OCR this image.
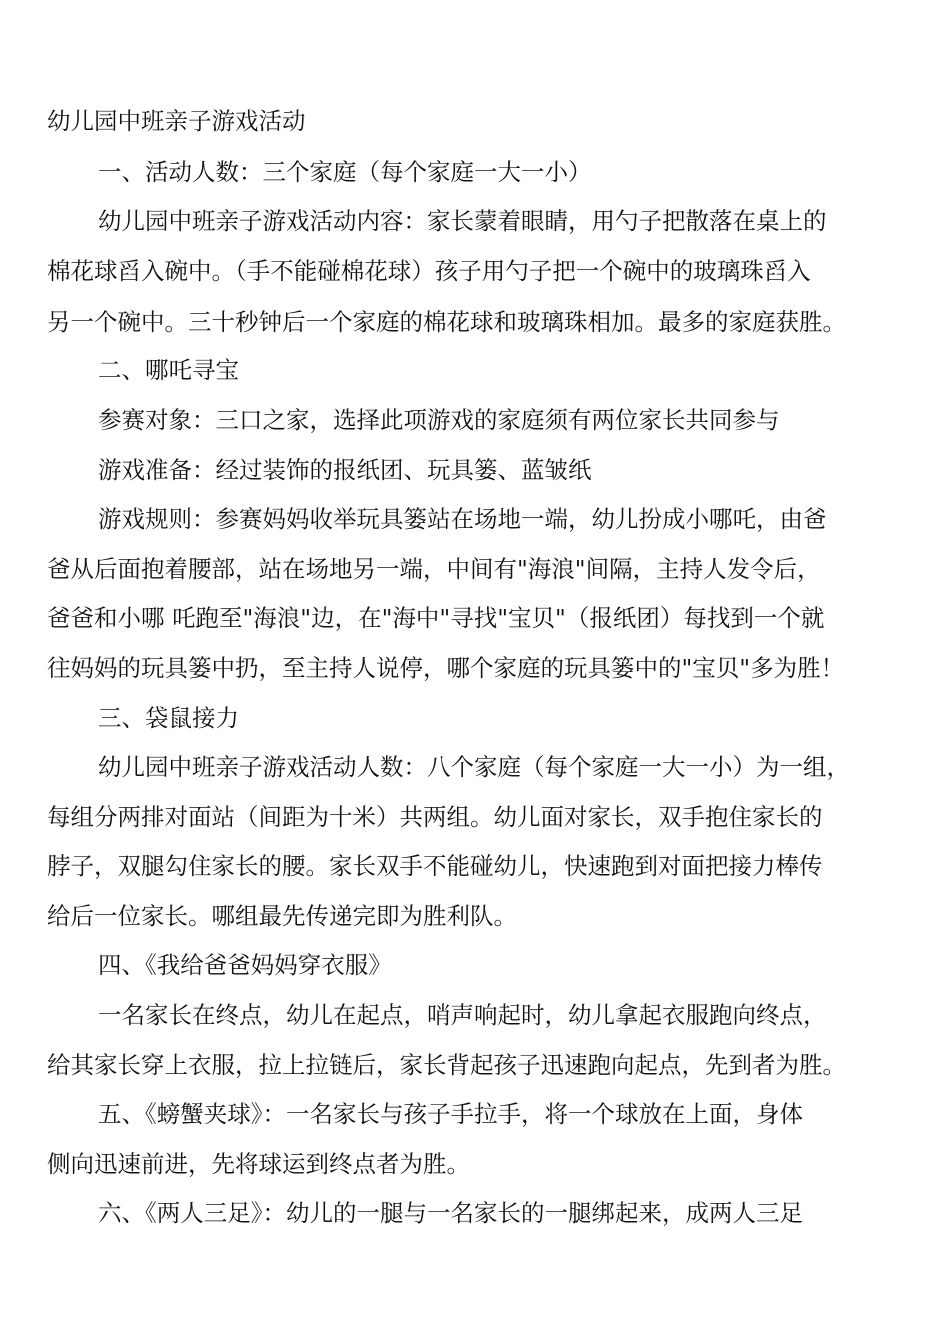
幼儿园中班亲子游戏活动
一、活动人数：三个家庭（每个家庭一大一小）
幼儿园中班亲子游戏活动内容：家长蒙着眼睛，用勺子把散落在桌上的
棉花球舀入碗中。（手不能碰棉花球）孩子用勺子把一个碗中的玻璃珠舀入
另一个碗中。三十秒钟后一个家庭的棉花球和玻璃珠相加。最多的家庭获胜。
二、哪吒寻宝
参赛对象：三口之家，选择此项游戏的家庭须有两位家长共同参与
游戏准备：经过装饰的报纸团、玩具篓、蓝皱纸
游戏规则：参赛妈妈收举玩具篓站在场地一端，幼儿扮成小哪吒，由爸
爸从后面抱着腰部，站在场地另一端，中间有"海浪"间隔，主持人发令后，
爸爸和小哪 吒跑至"海浪"边，在"海中"寻找"宝贝"（报纸团）每找到一个就
往妈妈的玩具篓中扔，至主持人说停，哪个家庭的玩具篓中的"宝贝"多为胜！
三、袋鼠接力
幼儿园中班亲子游戏活动人数：八个家庭（每个家庭一大一小）为一组，
每组分两排对面站（间距为十米）共两组。幼儿面对家长，双手抱住家长的
脖子，双腿勾住家长的腰。家长双手不能碰幼儿，快速跑到对面把接力棒传
给后一位家长。哪组最先传递完即为胜利队。
四、《我给爸爸妈妈穿衣服》
一名家长在终点，幼儿在起点，哨声响起时，幼儿拿起衣服跑向终点，
给其家长穿上衣服，拉上拉链后，家长背起孩子迅速跑向起点，先到者为胜。
五、《螃蟹夹球》：一名家长与孩子手拉手，将一个球放在上面，身体
侧向迅速前进，先将球运到终点者为胜。
六、《两人三足》：幼儿的一腿与一名家长的一腿绑起来，成两人三足
